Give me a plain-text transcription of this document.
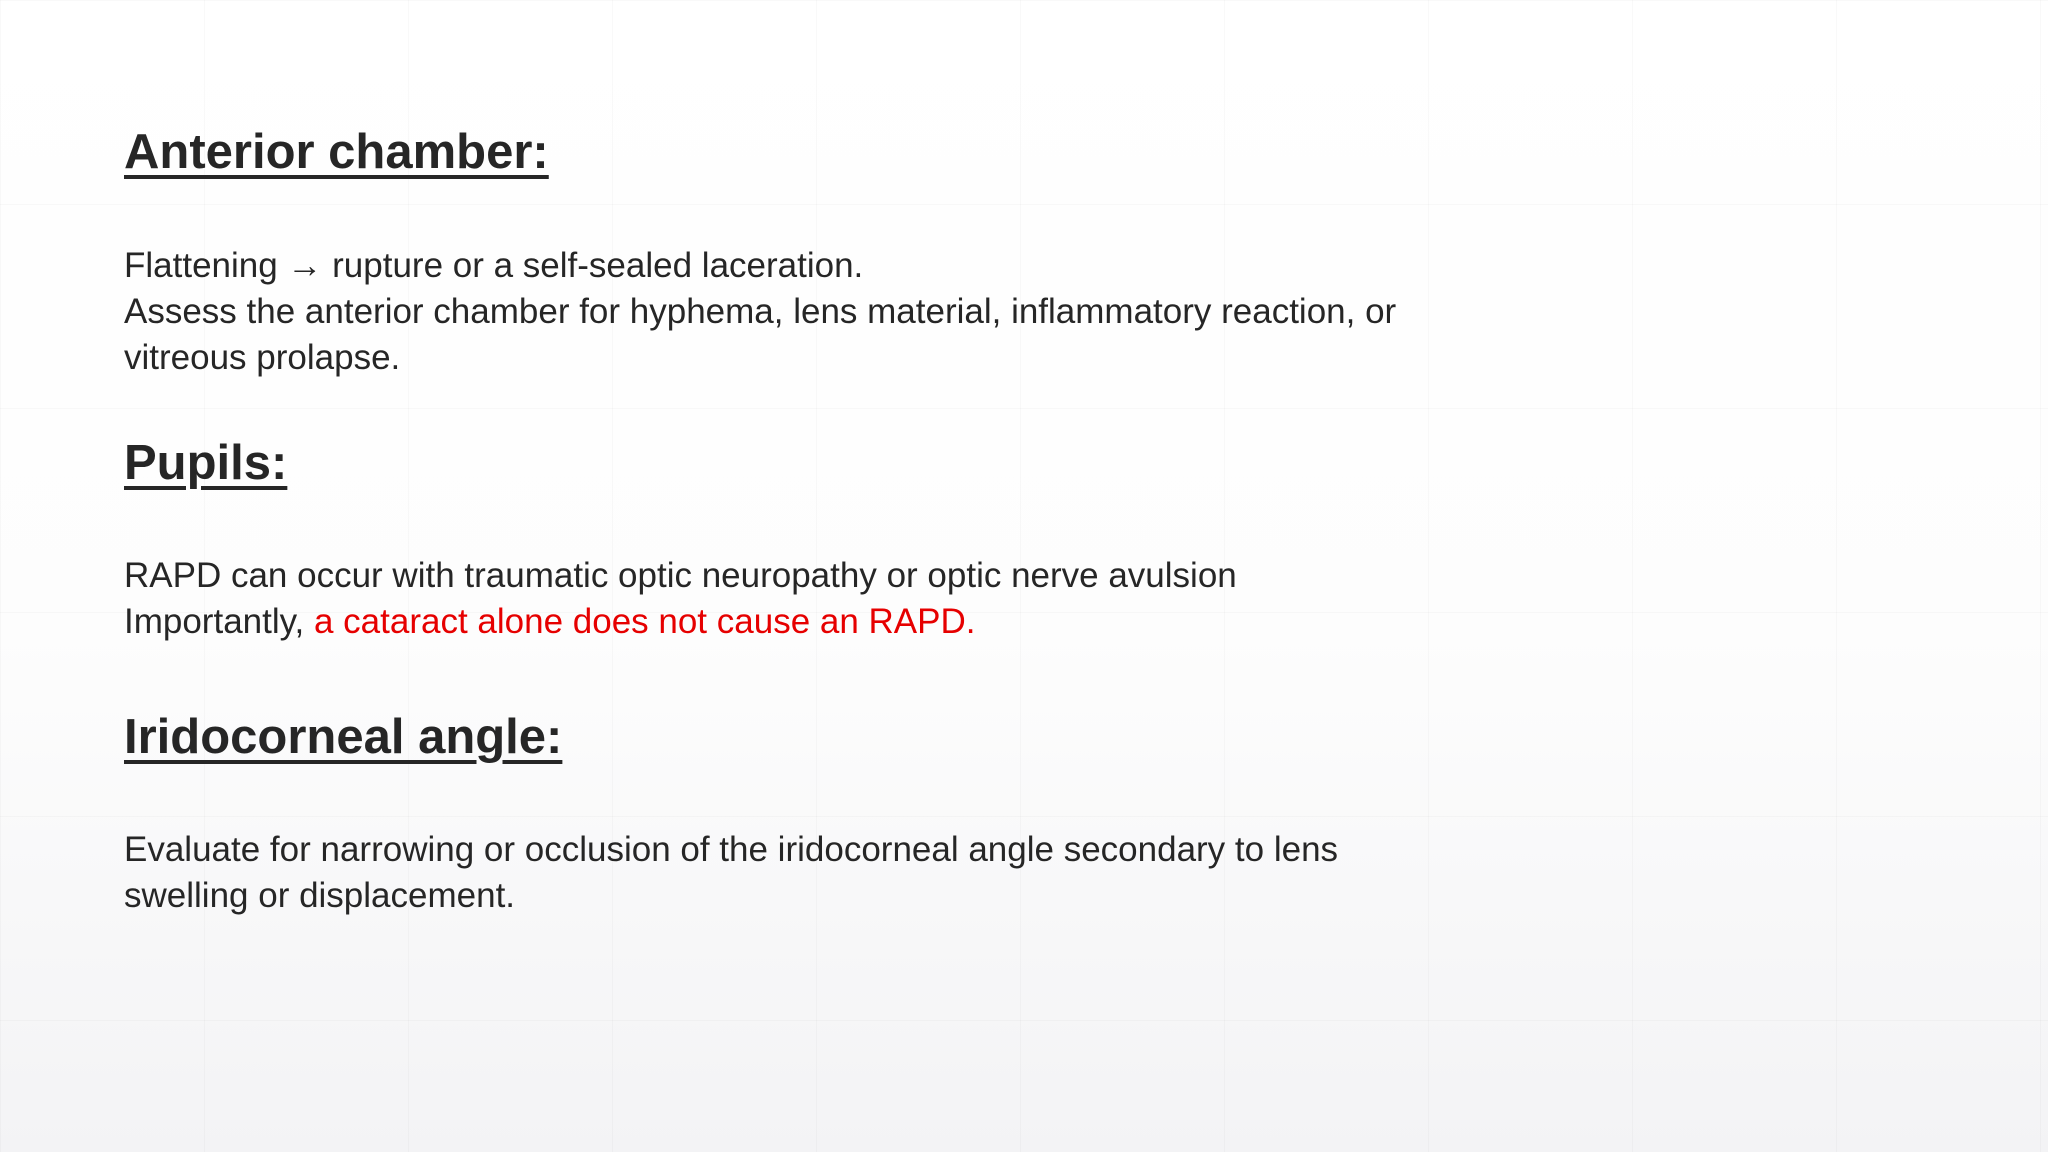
Anterior chamber:
Flattening → rupture or a self-sealed laceration.
Assess the anterior chamber for hyphema, lens material, inflammatory reaction, or
vitreous prolapse.
Pupils:
RAPD can occur with traumatic optic neuropathy or optic nerve avulsion
Importantly, a cataract alone does not cause an RAPD.
Iridocorneal angle:
Evaluate for narrowing or occlusion of the iridocorneal angle secondary to lens
swelling or displacement.
